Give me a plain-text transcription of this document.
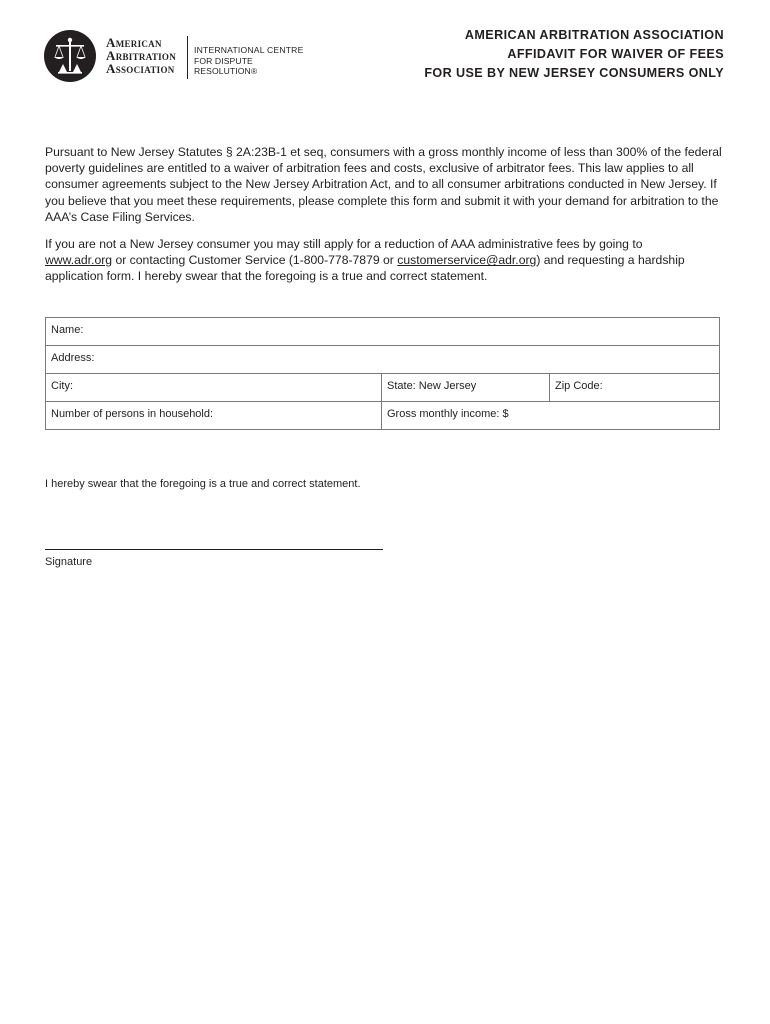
American
Arbitration
Association
INTERNATIONAL CENTRE
FOR DISPUTE RESOLUTION®
AMERICAN ARBITRATION ASSOCIATION
AFFIDAVIT FOR WAIVER OF FEES
FOR USE BY NEW JERSEY CONSUMERS ONLY

Pursuant to New Jersey Statutes § 2A:23B-1 et seq, consumers with a gross monthly income of less than 300% of the federal poverty guidelines are entitled to a waiver of arbitration fees and costs, exclusive of arbitrator fees. This law applies to all consumer agreements subject to the New Jersey Arbitration Act, and to all consumer arbitrations conducted in New Jersey. If you believe that you meet these requirements, please complete this form and submit it with your demand for arbitration to the AAA’s Case Filing Services.

If you are not a New Jersey consumer you may still apply for a reduction of AAA administrative fees by going to
www.adr.org or contacting Customer Service (1-800-778-7879 or customerservice@adr.org) and requesting a hardship application form. I hereby swear that the foregoing is a true and correct statement.

Name:		
Address:		
City:	State: New Jersey	Zip Code:
Number of persons in household:	Gross monthly income: $	
I hereby swear that the foregoing is a true and correct statement.
Signature
